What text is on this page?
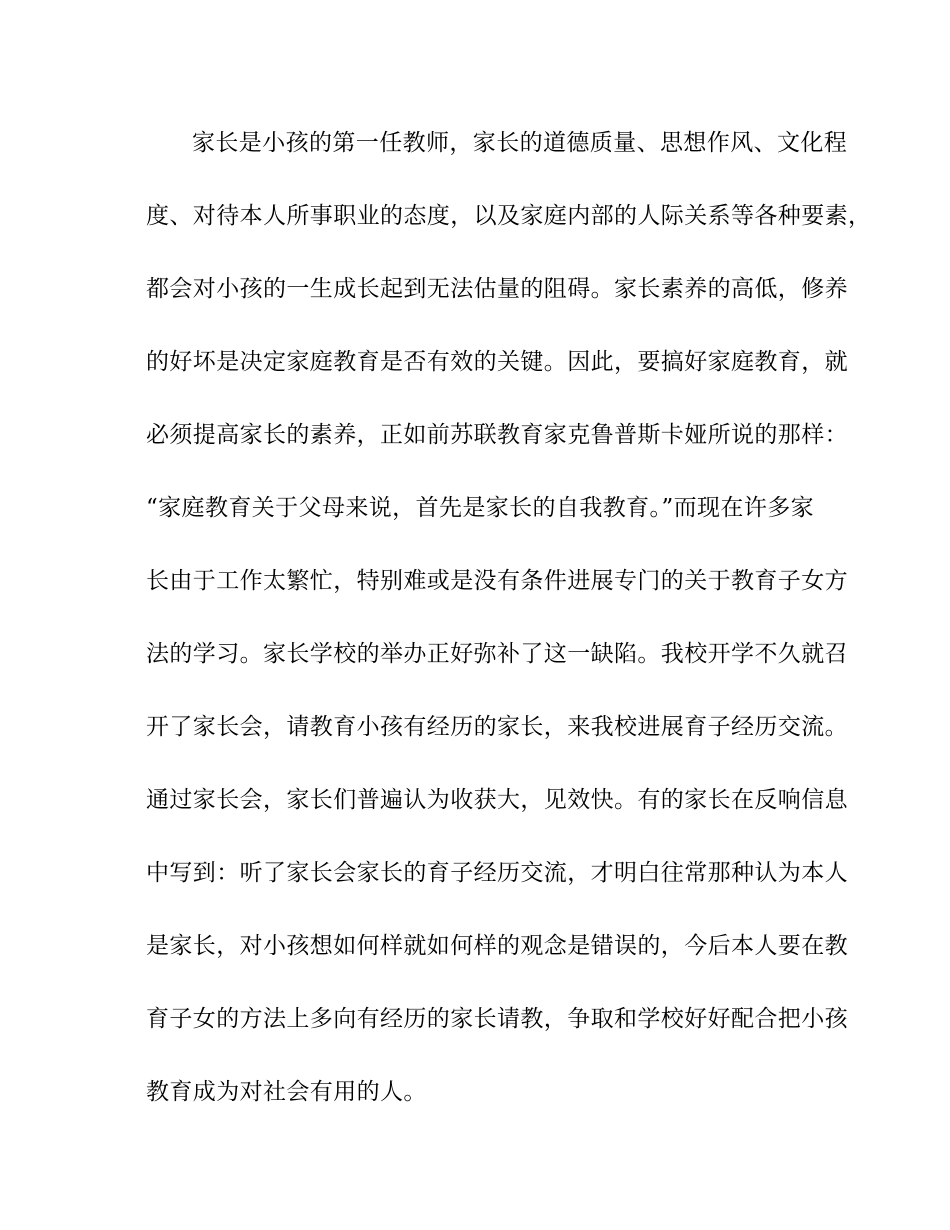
家长是小孩的第一任教师，家长的道德质量、思想作风、文化程
度、对待本人所事职业的态度，以及家庭内部的人际关系等各种要素，
都会对小孩的一生成长起到无法估量的阻碍。家长素养的高低，修养
的好坏是决定家庭教育是否有效的关键。因此，要搞好家庭教育，就
必须提高家长的素养，正如前苏联教育家克鲁普斯卡娅所说的那样：
“家庭教育关于父母来说，首先是家长的自我教育。”而现在许多家
长由于工作太繁忙，特别难或是没有条件进展专门的关于教育子女方
法的学习。家长学校的举办正好弥补了这一缺陷。我校开学不久就召
开了家长会，请教育小孩有经历的家长，来我校进展育子经历交流。
通过家长会，家长们普遍认为收获大，见效快。有的家长在反响信息
中写到：听了家长会家长的育子经历交流，才明白往常那种认为本人
是家长，对小孩想如何样就如何样的观念是错误的，今后本人要在教
育子女的方法上多向有经历的家长请教，争取和学校好好配合把小孩
教育成为对社会有用的人。
